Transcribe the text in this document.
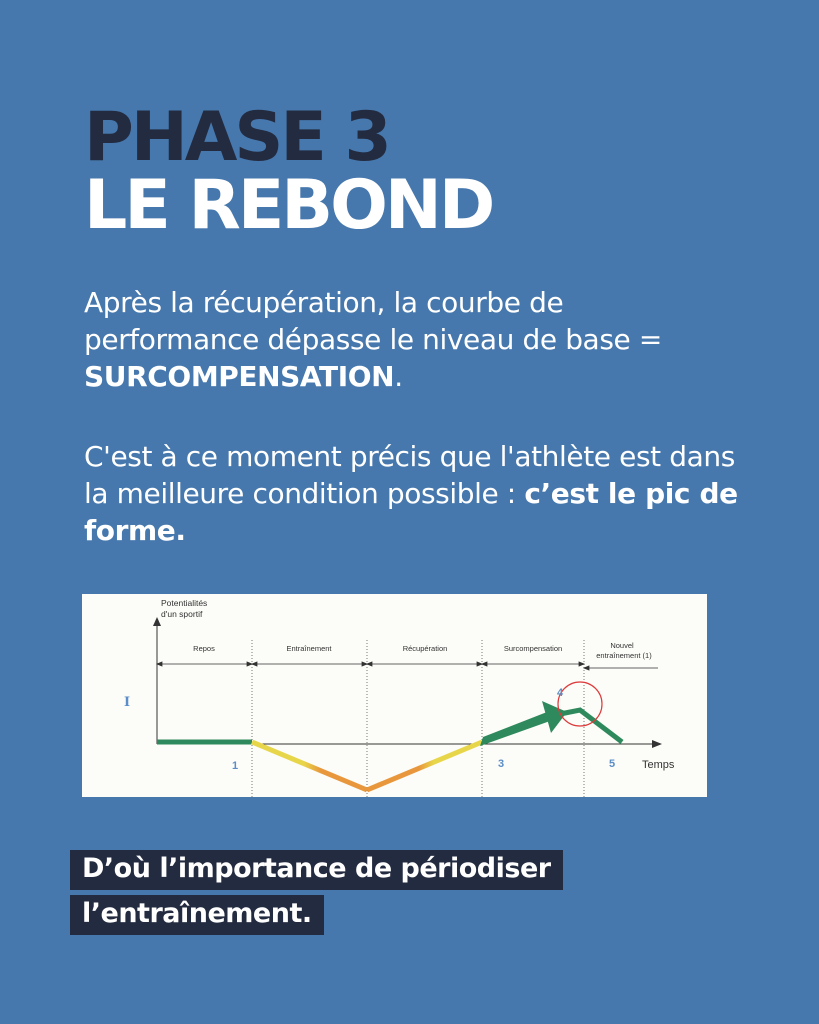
PHASE 3
LE REBOND

Après la récupération, la courbe de performance dépasse le niveau de base = SURCOMPENSATION.

C'est à ce moment précis que l'athlète est dans la meilleure condition possible : c’est le pic de forme.

Potentialités
d'un sportif
Temps
Repos	Entraînement	Récupération	Surcompensation	Nouvel
entraînement (1)
I
1	3
4
5

D’où l’importance de périodiser
l’entraînement.
